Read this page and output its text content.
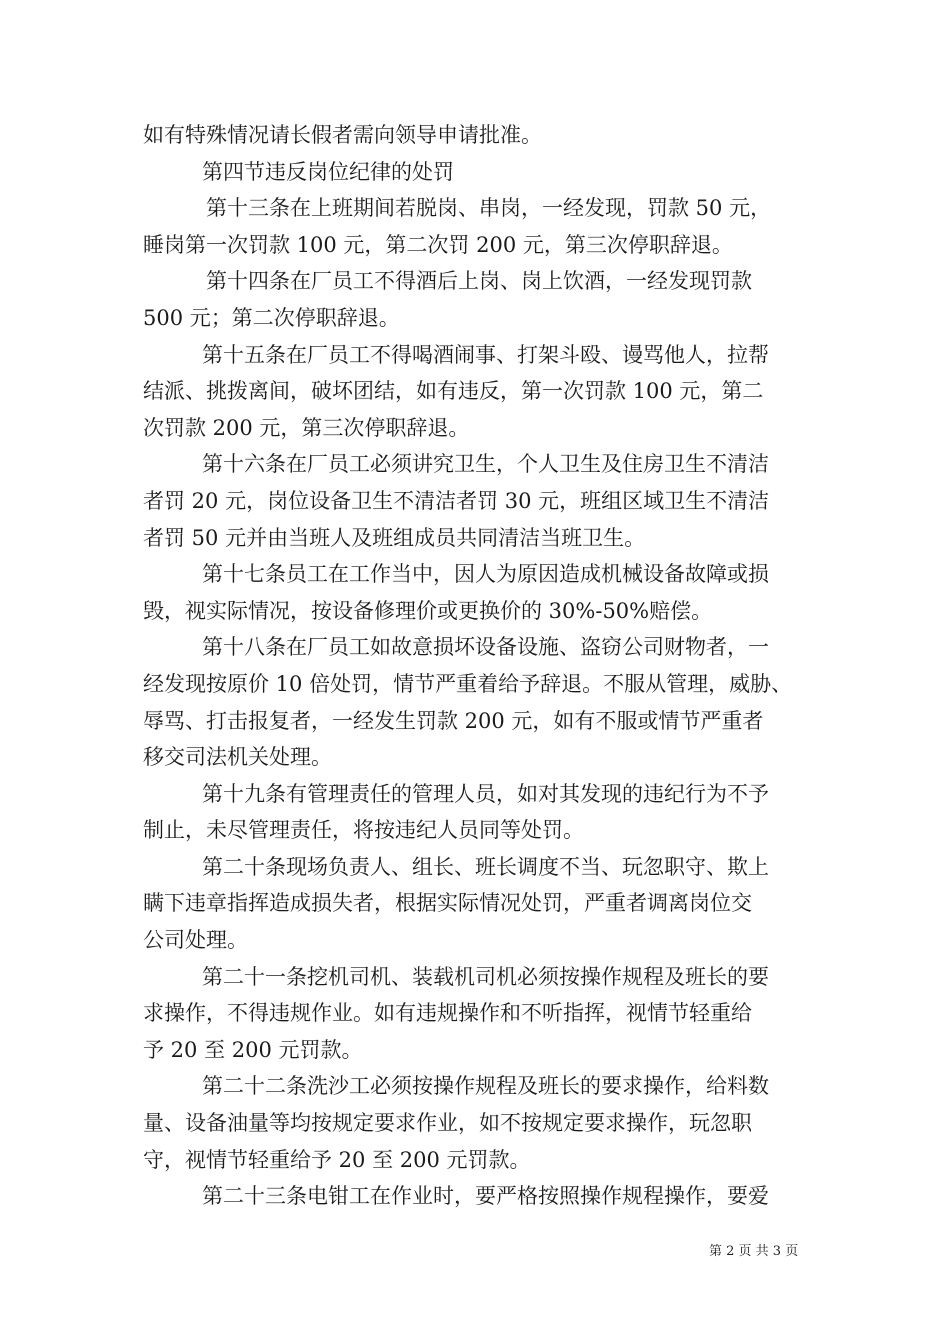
如有特殊情况请长假者需向领导申请批准。
第四节违反岗位纪律的处罚
第十三条在上班期间若脱岗、串岗，一经发现，罚款 50 元，
睡岗第一次罚款 100 元，第二次罚 200 元，第三次停职辞退。
第十四条在厂员工不得酒后上岗、岗上饮酒，一经发现罚款
500 元；第二次停职辞退。
第十五条在厂员工不得喝酒闹事、打架斗殴、谩骂他人，拉帮
结派、挑拨离间，破坏团结，如有违反，第一次罚款 100 元，第二
次罚款 200 元，第三次停职辞退。
第十六条在厂员工必须讲究卫生，个人卫生及住房卫生不清洁
者罚 20 元，岗位设备卫生不清洁者罚 30 元，班组区域卫生不清洁
者罚 50 元并由当班人及班组成员共同清洁当班卫生。
第十七条员工在工作当中，因人为原因造成机械设备故障或损
毁，视实际情况，按设备修理价或更换价的 30%-50%赔偿。
第十八条在厂员工如故意损坏设备设施、盗窃公司财物者，一
经发现按原价 10 倍处罚，情节严重着给予辞退。不服从管理，威胁、
辱骂、打击报复者，一经发生罚款 200 元，如有不服或情节严重者
移交司法机关处理。
第十九条有管理责任的管理人员，如对其发现的违纪行为不予
制止，未尽管理责任，将按违纪人员同等处罚。
第二十条现场负责人、组长、班长调度不当、玩忽职守、欺上
瞒下违章指挥造成损失者，根据实际情况处罚，严重者调离岗位交
公司处理。
第二十一条挖机司机、装载机司机必须按操作规程及班长的要
求操作，不得违规作业。如有违规操作和不听指挥，视情节轻重给
予 20 至 200 元罚款。
第二十二条洗沙工必须按操作规程及班长的要求操作，给料数
量、设备油量等均按规定要求作业，如不按规定要求操作，玩忽职
守，视情节轻重给予 20 至 200 元罚款。
第二十三条电钳工在作业时，要严格按照操作规程操作，要爱
第 2 页 共 3 页
